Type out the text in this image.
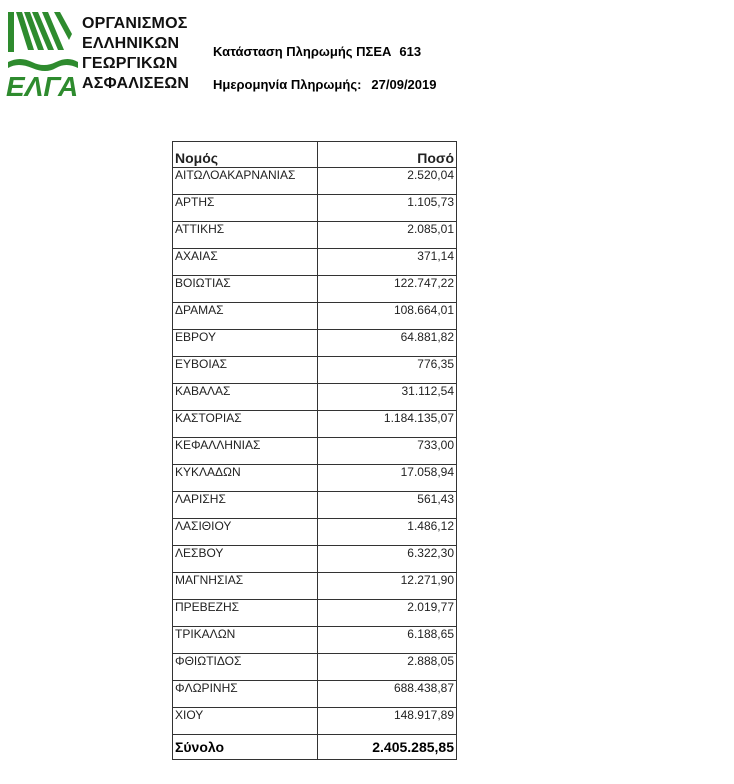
ΕΛΓΑ
ΟΡΓΑΝΙΣΜΟΣ
ΕΛΛΗΝΙΚΩΝ
ΓΕΩΡΓΙΚΩΝ
ΑΣΦΑΛΙΣΕΩΝ
Κατάσταση Πληρωμής ΠΣΕΑ 613
Ημερομηνία Πληρωμής: 27/09/2019
Νομός	Ποσό
ΑΙΤΩΛΟΑΚΑΡΝΑΝΙΑΣ	2.520,04
ΑΡΤΗΣ	1.105,73
ΑΤΤΙΚΗΣ	2.085,01
ΑΧΑΙΑΣ	371,14
ΒΟΙΩΤΙΑΣ	122.747,22
ΔΡΑΜΑΣ	108.664,01
ΕΒΡΟΥ	64.881,82
ΕΥΒΟΙΑΣ	776,35
ΚΑΒΑΛΑΣ	31.112,54
ΚΑΣΤΟΡΙΑΣ	1.184.135,07
ΚΕΦΑΛΛΗΝΙΑΣ	733,00
ΚΥΚΛΑΔΩΝ	17.058,94
ΛΑΡΙΣΗΣ	561,43
ΛΑΣΙΘΙΟΥ	1.486,12
ΛΕΣΒΟΥ	6.322,30
ΜΑΓΝΗΣΙΑΣ	12.271,90
ΠΡΕΒΕΖΗΣ	2.019,77
ΤΡΙΚΑΛΩΝ	6.188,65
ΦΘΙΩΤΙΔΟΣ	2.888,05
ΦΛΩΡΙΝΗΣ	688.438,87
ΧΙΟΥ	148.917,89
Σύνολο	2.405.285,85
